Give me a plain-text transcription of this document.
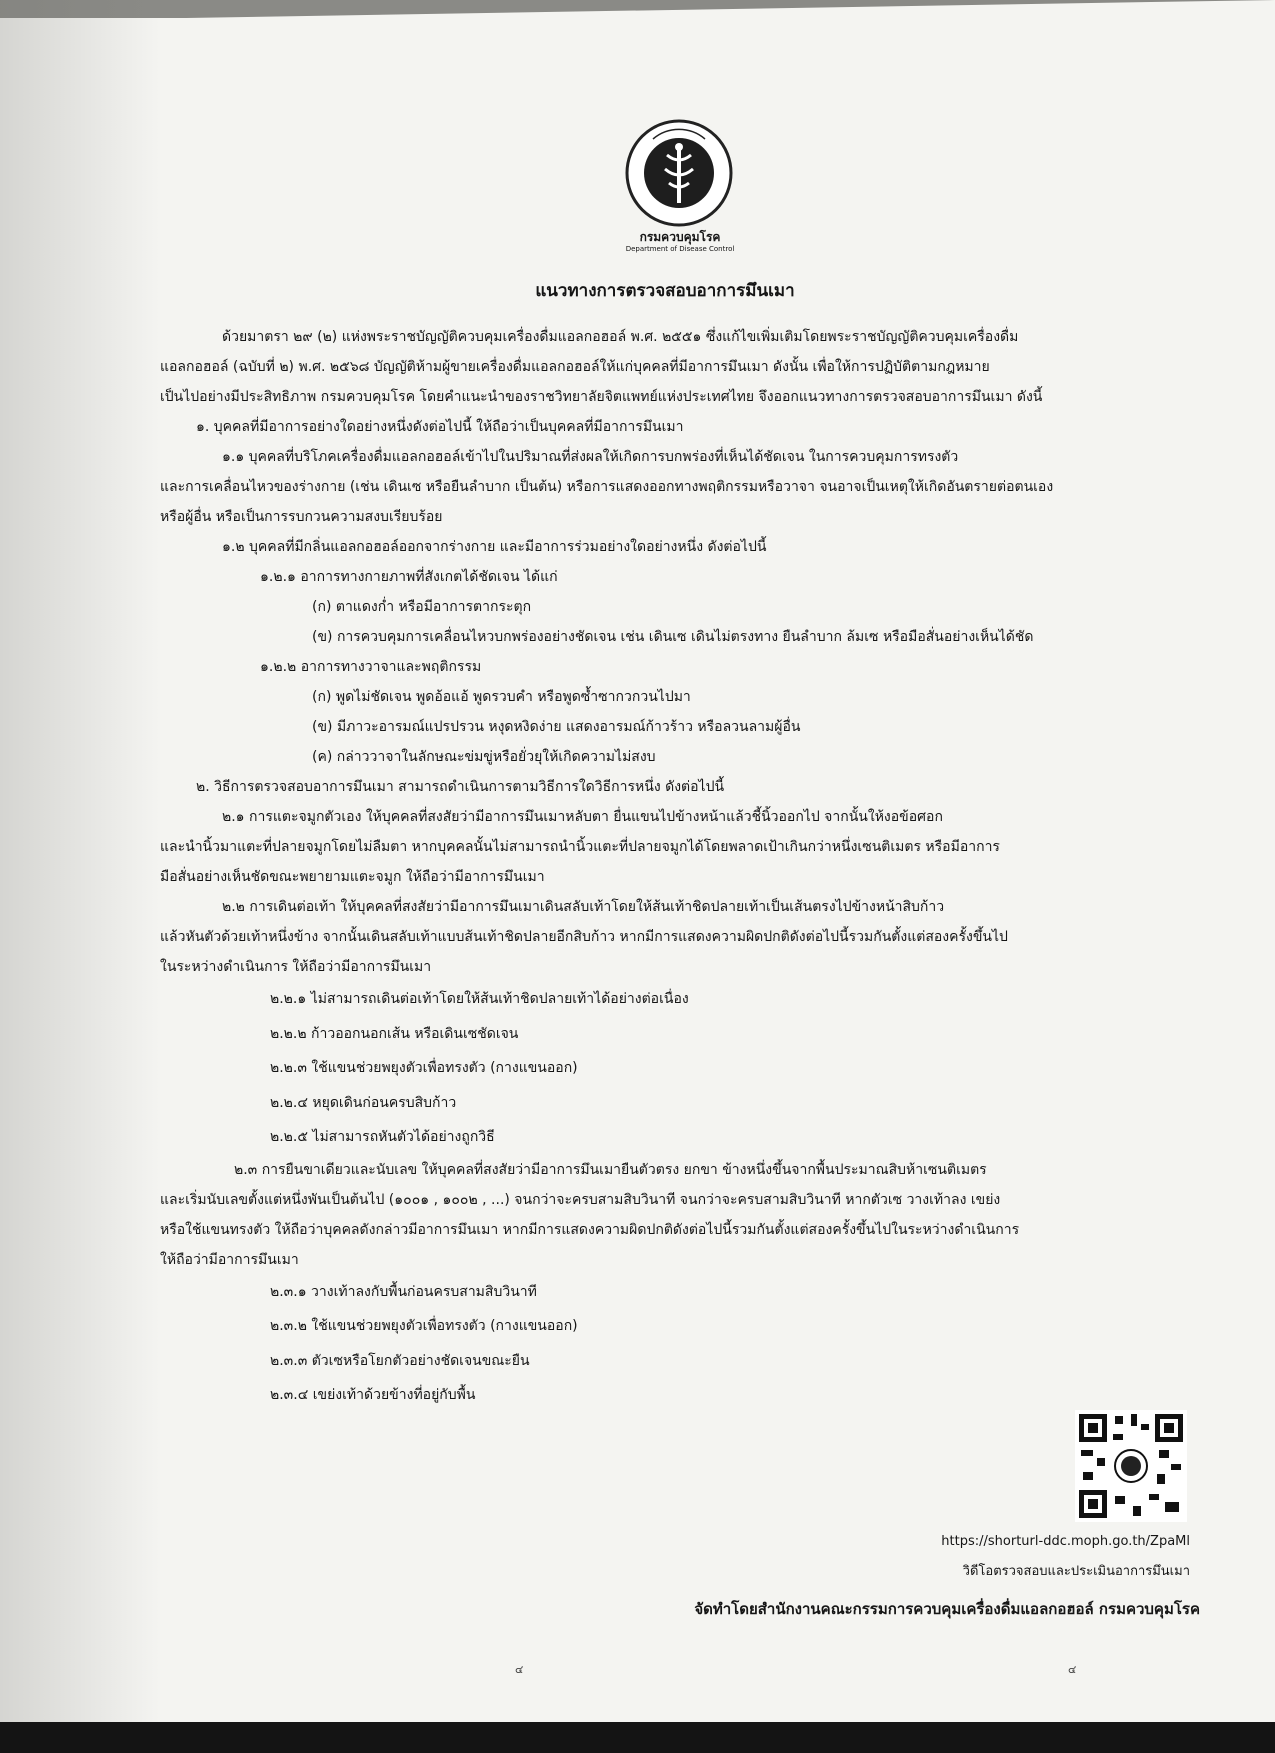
กรมควบคุมโรค
Department of Disease Control
แนวทางการตรวจสอบอาการมึนเมา
ด้วยมาตรา ๒๙ (๒) แห่งพระราชบัญญัติควบคุมเครื่องดื่มแอลกอฮอล์ พ.ศ. ๒๕๕๑ ซึ่งแก้ไขเพิ่มเติมโดยพระราชบัญญัติควบคุมเครื่องดื่ม
แอลกอฮอล์ (ฉบับที่ ๒) พ.ศ. ๒๕๖๘ บัญญัติห้ามผู้ขายเครื่องดื่มแอลกอฮอล์ให้แก่บุคคลที่มีอาการมึนเมา ดังนั้น เพื่อให้การปฏิบัติตามกฎหมาย
เป็นไปอย่างมีประสิทธิภาพ กรมควบคุมโรค โดยคำแนะนำของราชวิทยาลัยจิตแพทย์แห่งประเทศไทย จึงออกแนวทางการตรวจสอบอาการมึนเมา ดังนี้
๑. บุคคลที่มีอาการอย่างใดอย่างหนึ่งดังต่อไปนี้ ให้ถือว่าเป็นบุคคลที่มีอาการมึนเมา
๑.๑ บุคคลที่บริโภคเครื่องดื่มแอลกอฮอล์เข้าไปในปริมาณที่ส่งผลให้เกิดการบกพร่องที่เห็นได้ชัดเจน ในการควบคุมการทรงตัว
และการเคลื่อนไหวของร่างกาย (เช่น เดินเซ หรือยืนลำบาก เป็นต้น) หรือการแสดงออกทางพฤติกรรมหรือวาจา จนอาจเป็นเหตุให้เกิดอันตรายต่อตนเอง
หรือผู้อื่น หรือเป็นการรบกวนความสงบเรียบร้อย
๑.๒ บุคคลที่มีกลิ่นแอลกอฮอล์ออกจากร่างกาย และมีอาการร่วมอย่างใดอย่างหนึ่ง ดังต่อไปนี้
๑.๒.๑ อาการทางกายภาพที่สังเกตได้ชัดเจน ได้แก่
(ก) ตาแดงก่ำ หรือมีอาการตากระตุก
(ข) การควบคุมการเคลื่อนไหวบกพร่องอย่างชัดเจน เช่น เดินเซ เดินไม่ตรงทาง ยืนลำบาก ล้มเซ หรือมือสั่นอย่างเห็นได้ชัด
๑.๒.๒ อาการทางวาจาและพฤติกรรม
(ก) พูดไม่ชัดเจน พูดอ้อแอ้ พูดรวบคำ หรือพูดซ้ำซากวกวนไปมา
(ข) มีภาวะอารมณ์แปรปรวน หงุดหงิดง่าย แสดงอารมณ์ก้าวร้าว หรือลวนลามผู้อื่น
(ค) กล่าววาจาในลักษณะข่มขู่หรือยั่วยุให้เกิดความไม่สงบ
๒. วิธีการตรวจสอบอาการมึนเมา สามารถดำเนินการตามวิธีการใดวิธีการหนึ่ง ดังต่อไปนี้
๒.๑ การแตะจมูกตัวเอง ให้บุคคลที่สงสัยว่ามีอาการมึนเมาหลับตา ยื่นแขนไปข้างหน้าแล้วชี้นิ้วออกไป จากนั้นให้งอข้อศอก
และนำนิ้วมาแตะที่ปลายจมูกโดยไม่ลืมตา หากบุคคลนั้นไม่สามารถนำนิ้วแตะที่ปลายจมูกได้โดยพลาดเป้าเกินกว่าหนึ่งเซนติเมตร หรือมีอาการ
มือสั่นอย่างเห็นชัดขณะพยายามแตะจมูก ให้ถือว่ามีอาการมึนเมา
๒.๒ การเดินต่อเท้า ให้บุคคลที่สงสัยว่ามีอาการมึนเมาเดินสลับเท้าโดยให้ส้นเท้าชิดปลายเท้าเป็นเส้นตรงไปข้างหน้าสิบก้าว
แล้วหันตัวด้วยเท้าหนึ่งข้าง จากนั้นเดินสลับเท้าแบบส้นเท้าชิดปลายอีกสิบก้าว หากมีการแสดงความผิดปกติดังต่อไปนี้รวมกันตั้งแต่สองครั้งขึ้นไป
ในระหว่างดำเนินการ ให้ถือว่ามีอาการมึนเมา
๒.๒.๑ ไม่สามารถเดินต่อเท้าโดยให้ส้นเท้าชิดปลายเท้าได้อย่างต่อเนื่อง
๒.๒.๒ ก้าวออกนอกเส้น หรือเดินเซชัดเจน
๒.๒.๓ ใช้แขนช่วยพยุงตัวเพื่อทรงตัว (กางแขนออก)
๒.๒.๔ หยุดเดินก่อนครบสิบก้าว
๒.๒.๕ ไม่สามารถหันตัวได้อย่างถูกวิธี
๒.๓ การยืนขาเดียวและนับเลข ให้บุคคลที่สงสัยว่ามีอาการมึนเมายืนตัวตรง ยกขา ข้างหนึ่งขึ้นจากพื้นประมาณสิบห้าเซนติเมตร
และเริ่มนับเลขตั้งแต่หนึ่งพันเป็นต้นไป (๑๐๐๑ , ๑๐๐๒ , ...) จนกว่าจะครบสามสิบวินาที จนกว่าจะครบสามสิบวินาที หากตัวเซ วางเท้าลง เขย่ง
หรือใช้แขนทรงตัว ให้ถือว่าบุคคลดังกล่าวมีอาการมึนเมา หากมีการแสดงความผิดปกติดังต่อไปนี้รวมกันตั้งแต่สองครั้งขึ้นไปในระหว่างดำเนินการ
ให้ถือว่ามีอาการมึนเมา
๒.๓.๑ วางเท้าลงกับพื้นก่อนครบสามสิบวินาที
๒.๓.๒ ใช้แขนช่วยพยุงตัวเพื่อทรงตัว (กางแขนออก)
๒.๓.๓ ตัวเซหรือโยกตัวอย่างชัดเจนขณะยืน
๒.๓.๔ เขย่งเท้าด้วยข้างที่อยู่กับพื้น
https://shorturl-ddc.moph.go.th/ZpaMl
วิดีโอตรวจสอบและประเมินอาการมึนเมา
จัดทำโดยสำนักงานคณะกรรมการควบคุมเครื่องดื่มแอลกอฮอล์ กรมควบคุมโรค
๔	๔
